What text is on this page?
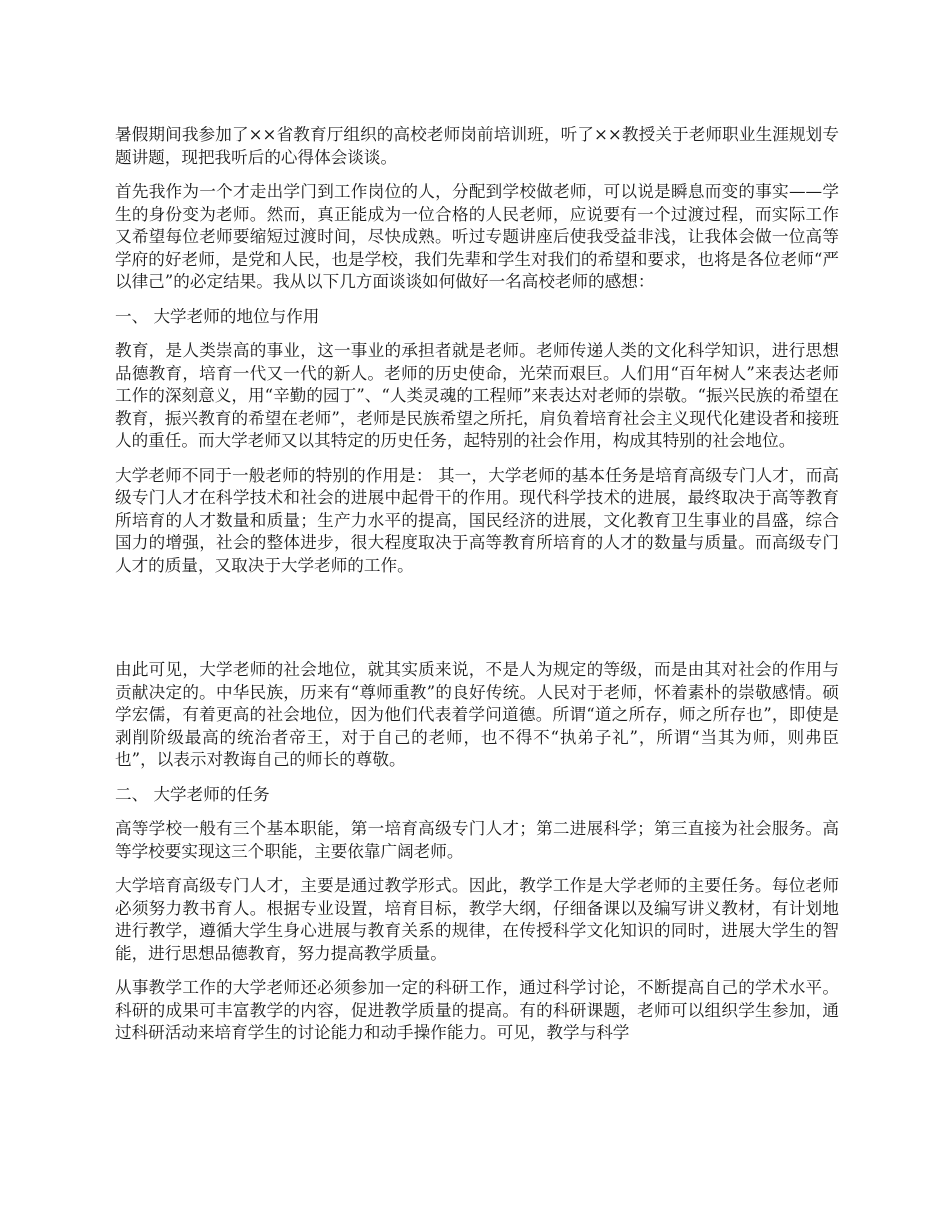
暑假期间我参加了××省教育厅组织的高校老师岗前培训班，听了××教授关于老师职业生涯规划专题讲题，现把我听后的心得体会谈谈。

首先我作为一个才走出学门到工作岗位的人，分配到学校做老师，可以说是瞬息而变的事实——学生的身份变为老师。然而，真正能成为一位合格的人民老师，应说要有一个过渡过程，而实际工作又希望每位老师要缩短过渡时间，尽快成熟。听过专题讲座后使我受益非浅，让我体会做一位高等学府的好老师，是党和人民，也是学校，我们先辈和学生对我们的希望和要求，也将是各位老师“严以律己”的必定结果。我从以下几方面谈谈如何做好一名高校老师的感想：

一、 大学老师的地位与作用

教育，是人类崇高的事业，这一事业的承担者就是老师。老师传递人类的文化科学知识，进行思想品德教育，培育一代又一代的新人。老师的历史使命，光荣而艰巨。人们用“百年树人”来表达老师工作的深刻意义，用“辛勤的园丁”、“人类灵魂的工程师”来表达对老师的崇敬。“振兴民族的希望在教育，振兴教育的希望在老师”，老师是民族希望之所托，肩负着培育社会主义现代化建设者和接班人的重任。而大学老师又以其特定的历史任务，起特别的社会作用，构成其特别的社会地位。

大学老师不同于一般老师的特别的作用是： 其一，大学老师的基本任务是培育高级专门人才，而高级专门人才在科学技术和社会的进展中起骨干的作用。现代科学技术的进展，最终取决于高等教育所培育的人才数量和质量；生产力水平的提高，国民经济的进展，文化教育卫生事业的昌盛，综合国力的增强，社会的整体进步，很大程度取决于高等教育所培育的人才的数量与质量。而高级专门人才的质量，又取决于大学老师的工作。

由此可见，大学老师的社会地位，就其实质来说，不是人为规定的等级，而是由其对社会的作用与贡献决定的。中华民族，历来有“尊师重教”的良好传统。人民对于老师，怀着素朴的崇敬感情。硕学宏儒，有着更高的社会地位，因为他们代表着学问道德。所谓“道之所存，师之所存也”，即使是剥削阶级最高的统治者帝王，对于自己的老师，也不得不“执弟子礼”，所谓“当其为师，则弗臣也”，以表示对教诲自己的师长的尊敬。

二、 大学老师的任务

高等学校一般有三个基本职能，第一培育高级专门人才；第二进展科学；第三直接为社会服务。高等学校要实现这三个职能，主要依靠广阔老师。

大学培育高级专门人才，主要是通过教学形式。因此，教学工作是大学老师的主要任务。每位老师必须努力教书育人。根据专业设置，培育目标，教学大纲，仔细备课以及编写讲义教材，有计划地进行教学，遵循大学生身心进展与教育关系的规律，在传授科学文化知识的同时，进展大学生的智能，进行思想品德教育，努力提高教学质量。

从事教学工作的大学老师还必须参加一定的科研工作，通过科学讨论，不断提高自己的学术水平。科研的成果可丰富教学的内容，促进教学质量的提高。有的科研课题，老师可以组织学生参加，通过科研活动来培育学生的讨论能力和动手操作能力。可见，教学与科学
